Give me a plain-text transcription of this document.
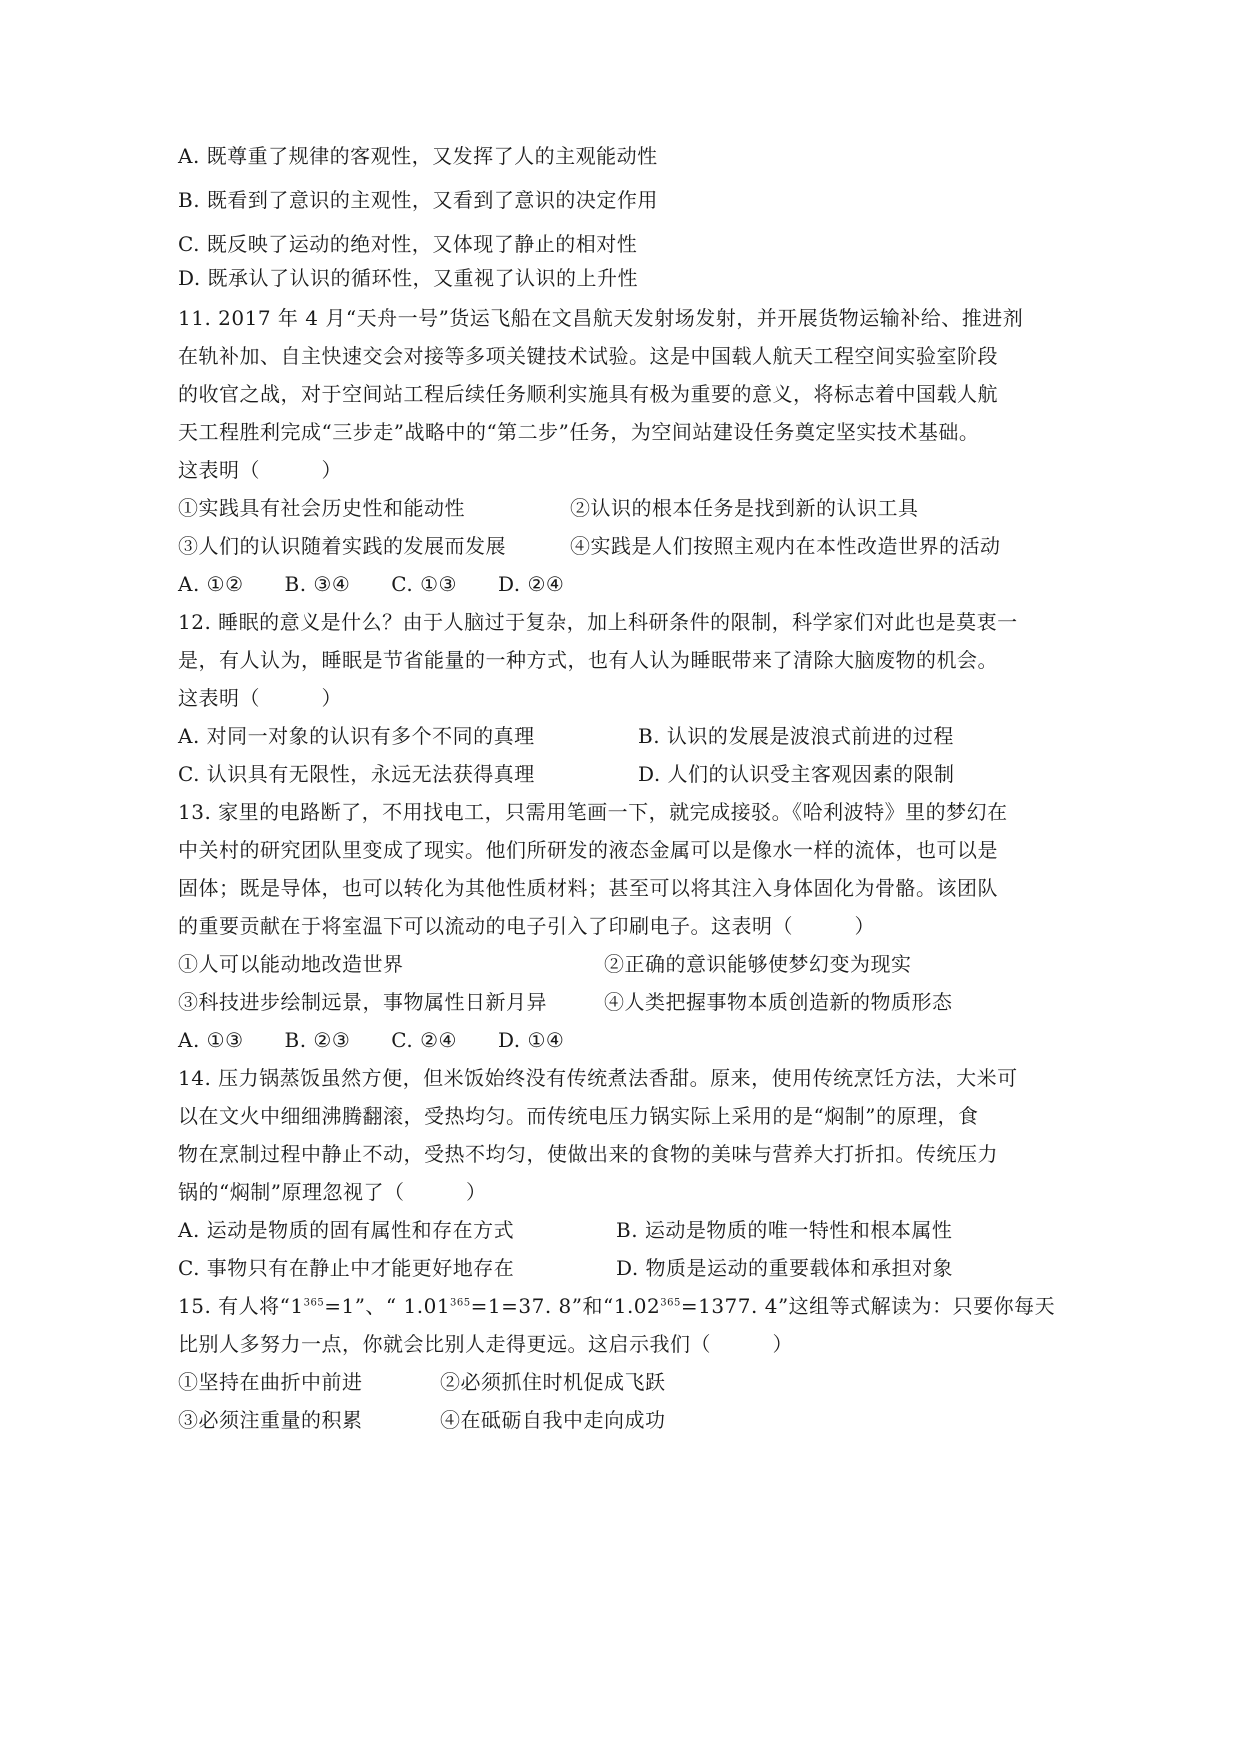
A. 既尊重了规律的客观性，又发挥了人的主观能动性
B. 既看到了意识的主观性，又看到了意识的决定作用
C. 既反映了运动的绝对性，又体现了静止的相对性
D. 既承认了认识的循环性，又重视了认识的上升性
11. 2017 年 4 月“天舟一号”货运飞船在文昌航天发射场发射，并开展货物运输补给、推进剂
在轨补加、自主快速交会对接等多项关键技术试验。这是中国载人航天工程空间实验室阶段
的收官之战，对于空间站工程后续任务顺利实施具有极为重要的意义，将标志着中国载人航
天工程胜利完成“三步走”战略中的“第二步”任务，为空间站建设任务奠定坚实技术基础。
这表明（　　　）
①实践具有社会历史性和能动性	②认识的根本任务是找到新的认识工具
③人们的认识随着实践的发展而发展	④实践是人们按照主观内在本性改造世界的活动
A. ①②　　B. ③④　　C. ①③　　D. ②④
12. 睡眠的意义是什么？由于人脑过于复杂，加上科研条件的限制，科学家们对此也是莫衷一
是，有人认为，睡眠是节省能量的一种方式，也有人认为睡眠带来了清除大脑废物的机会。
这表明（　　　）
A. 对同一对象的认识有多个不同的真理	B. 认识的发展是波浪式前进的过程
C. 认识具有无限性，永远无法获得真理	D. 人们的认识受主客观因素的限制
13. 家里的电路断了，不用找电工，只需用笔画一下，就完成接驳。《哈利波特》里的梦幻在
中关村的研究团队里变成了现实。他们所研发的液态金属可以是像水一样的流体，也可以是
固体；既是导体，也可以转化为其他性质材料；甚至可以将其注入身体固化为骨骼。该团队
的重要贡献在于将室温下可以流动的电子引入了印刷电子。这表明（　　　）
①人可以能动地改造世界	②正确的意识能够使梦幻变为现实
③科技进步绘制远景，事物属性日新月异	④人类把握事物本质创造新的物质形态
A. ①③　　B. ②③　　C. ②④　　D. ①④
14. 压力锅蒸饭虽然方便，但米饭始终没有传统煮法香甜。原来，使用传统烹饪方法，大米可
以在文火中细细沸腾翻滚，受热均匀。而传统电压力锅实际上采用的是“焖制”的原理，食
物在烹制过程中静止不动，受热不均匀，使做出来的食物的美味与营养大打折扣。传统压力
锅的“焖制”原理忽视了（　　　）
A. 运动是物质的固有属性和存在方式	B. 运动是物质的唯一特性和根本属性
C. 事物只有在静止中才能更好地存在	D. 物质是运动的重要载体和承担对象
15. 有人将“$1^{365}=1$”、“ $1.01^{365}=1=37$. 8”和“$1.02^{365}=1377$. 4”这组等式解读为：只要你每天
比别人多努力一点，你就会比别人走得更远。这启示我们（　　　）
①坚持在曲折中前进	②必须抓住时机促成飞跃
③必须注重量的积累	④在砥砺自我中走向成功
